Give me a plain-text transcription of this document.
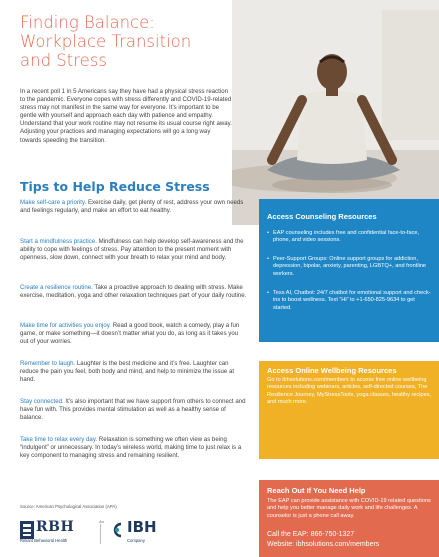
Finding Balance:
Workplace Transition
and Stress

In a recent poll 1 in 5 Americans say they have had a physical stress reaction to the pandemic. Everyone copes with stress differently and COVID-19-related stress may not manifest in the same way for everyone. It’s important to be gentle with yourself and approach each day with patience and empathy. Understand that your work routine may not resume its usual course right away. Adjusting your practices and managing expectations will go a long way towards speeding the transition.

Tips to Help Reduce Stress

Make self-care a priority. Exercise daily, get plenty of rest, address your own needs and feelings regularly, and make an effort to eat healthy.

Start a mindfulness practice. Mindfulness can help develop self-awareness and the ability to cope with feelings of stress. Pay attention to the present moment with openness, slow down, connect with your breath to relax your mind and body.

Create a resilience routine. Take a proactive approach to dealing with stress. Make exercise, meditation, yoga and other relaxation techniques part of your daily routine.

Make time for activities you enjoy. Read a good book, watch a comedy, play a fun game, or make something—it doesn’t matter what you do, as long as it takes you out of your worries.

Remember to laugh. Laughter is the best medicine and it’s free. Laughter can reduce the pain you feel, both body and mind, and help to minimize the issue at hand.

Stay connected. It’s also important that we have support from others to connect and have fun with. This provides mental stimulation as well as a healthy sense of balance.

Take time to relax every day. Relaxation is something we often view as being “indulgent” or unnecessary. In today’s wireless world, making time to just relax is a key component to managing stress and remaining resilient.

Source: American Psychological Association (APA)
RBH
Reliant Behavioral Health
An IBH
Company
Access Counseling Resources

• EAP counseling includes free and confidential face-to-face, phone, and video sessions.

• Peer-Support Groups: Online support groups for addiction, depression, bipolar, anxiety, parenting, LGBTQ+, and frontline workers.

• Tess AI, Chatbot: 24/7 chatbot for emotional support and check-ins to boost wellness. Text “Hi” to +1-650-825-9634 to get started.

Access Online Wellbeing Resources

Go to ibhsolutions.com/members to access free online wellbeing resources including webinars, articles, self-directed courses, The Resilience Journey, MyStressTools, yoga classes, healthy recipes, and much more.

Reach Out If You Need Help

The EAP can provide assistance with COVID-19 related questions and help you better manage daily work and life challenges. A counselor is just a phone call away.

Call the EAP: 866-750-1327

Website: ibhsolutions.com/members
